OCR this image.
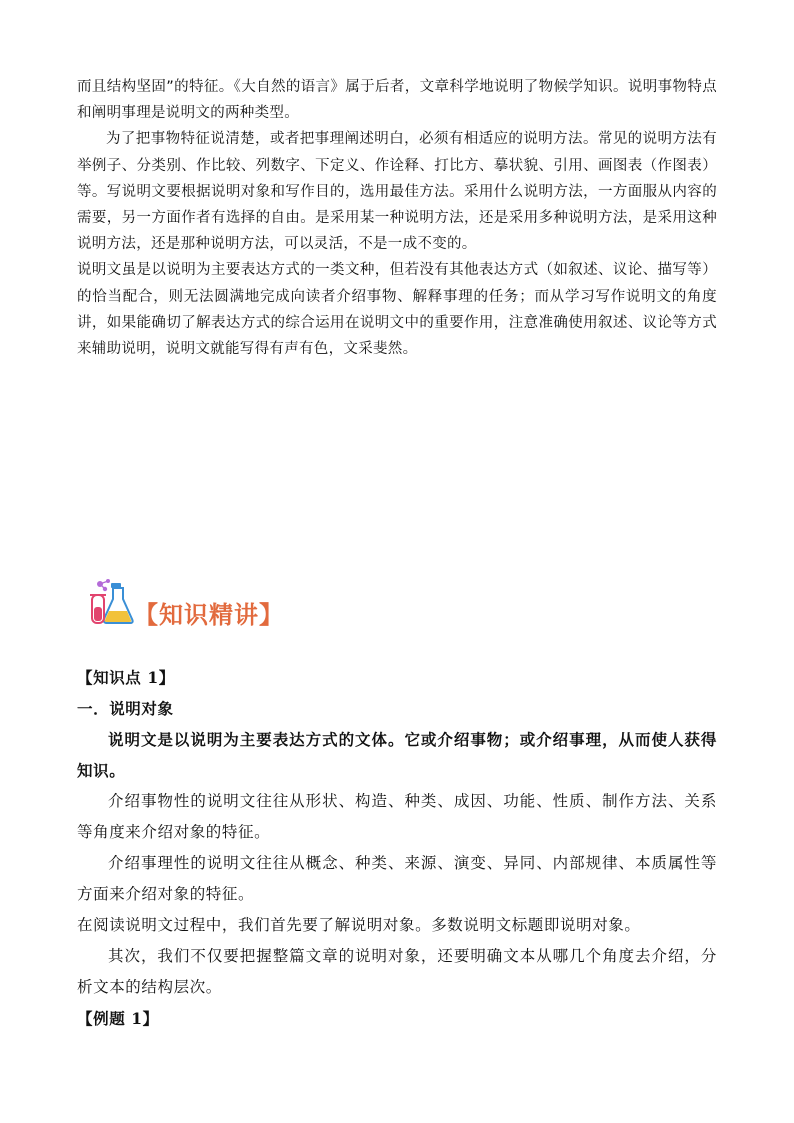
而且结构坚固”的特征。《大自然的语言》属于后者，文章科学地说明了物候学知识。说明事物特点和阐明事理是说明文的两种类型。

为了把事物特征说清楚，或者把事理阐述明白，必须有相适应的说明方法。常见的说明方法有举例子、分类别、作比较、列数字、下定义、作诠释、打比方、摹状貌、引用、画图表（作图表）等。写说明文要根据说明对象和写作目的，选用最佳方法。采用什么说明方法，一方面服从内容的需要，另一方面作者有选择的自由。是采用某一种说明方法，还是采用多种说明方法，是采用这种说明方法，还是那种说明方法，可以灵活，不是一成不变的。

说明文虽是以说明为主要表达方式的一类文种，但若没有其他表达方式（如叙述、议论、描写等）的恰当配合，则无法圆满地完成向读者介绍事物、解释事理的任务；而从学习写作说明文的角度讲，如果能确切了解表达方式的综合运用在说明文中的重要作用，注意准确使用叙述、议论等方式来辅助说明，说明文就能写得有声有色，文采斐然。

【知识精讲】

【知识点 1】

一．说明对象

说明文是以说明为主要表达方式的文体。它或介绍事物；或介绍事理，从而使人获得知识。

介绍事物性的说明文往往从形状、构造、种类、成因、功能、性质、制作方法、关系等角度来介绍对象的特征。

介绍事理性的说明文往往从概念、种类、来源、演变、异同、内部规律、本质属性等方面来介绍对象的特征。

在阅读说明文过程中，我们首先要了解说明对象。多数说明文标题即说明对象。

其次，我们不仅要把握整篇文章的说明对象，还要明确文本从哪几个角度去介绍，分析文本的结构层次。

【例题 1】
